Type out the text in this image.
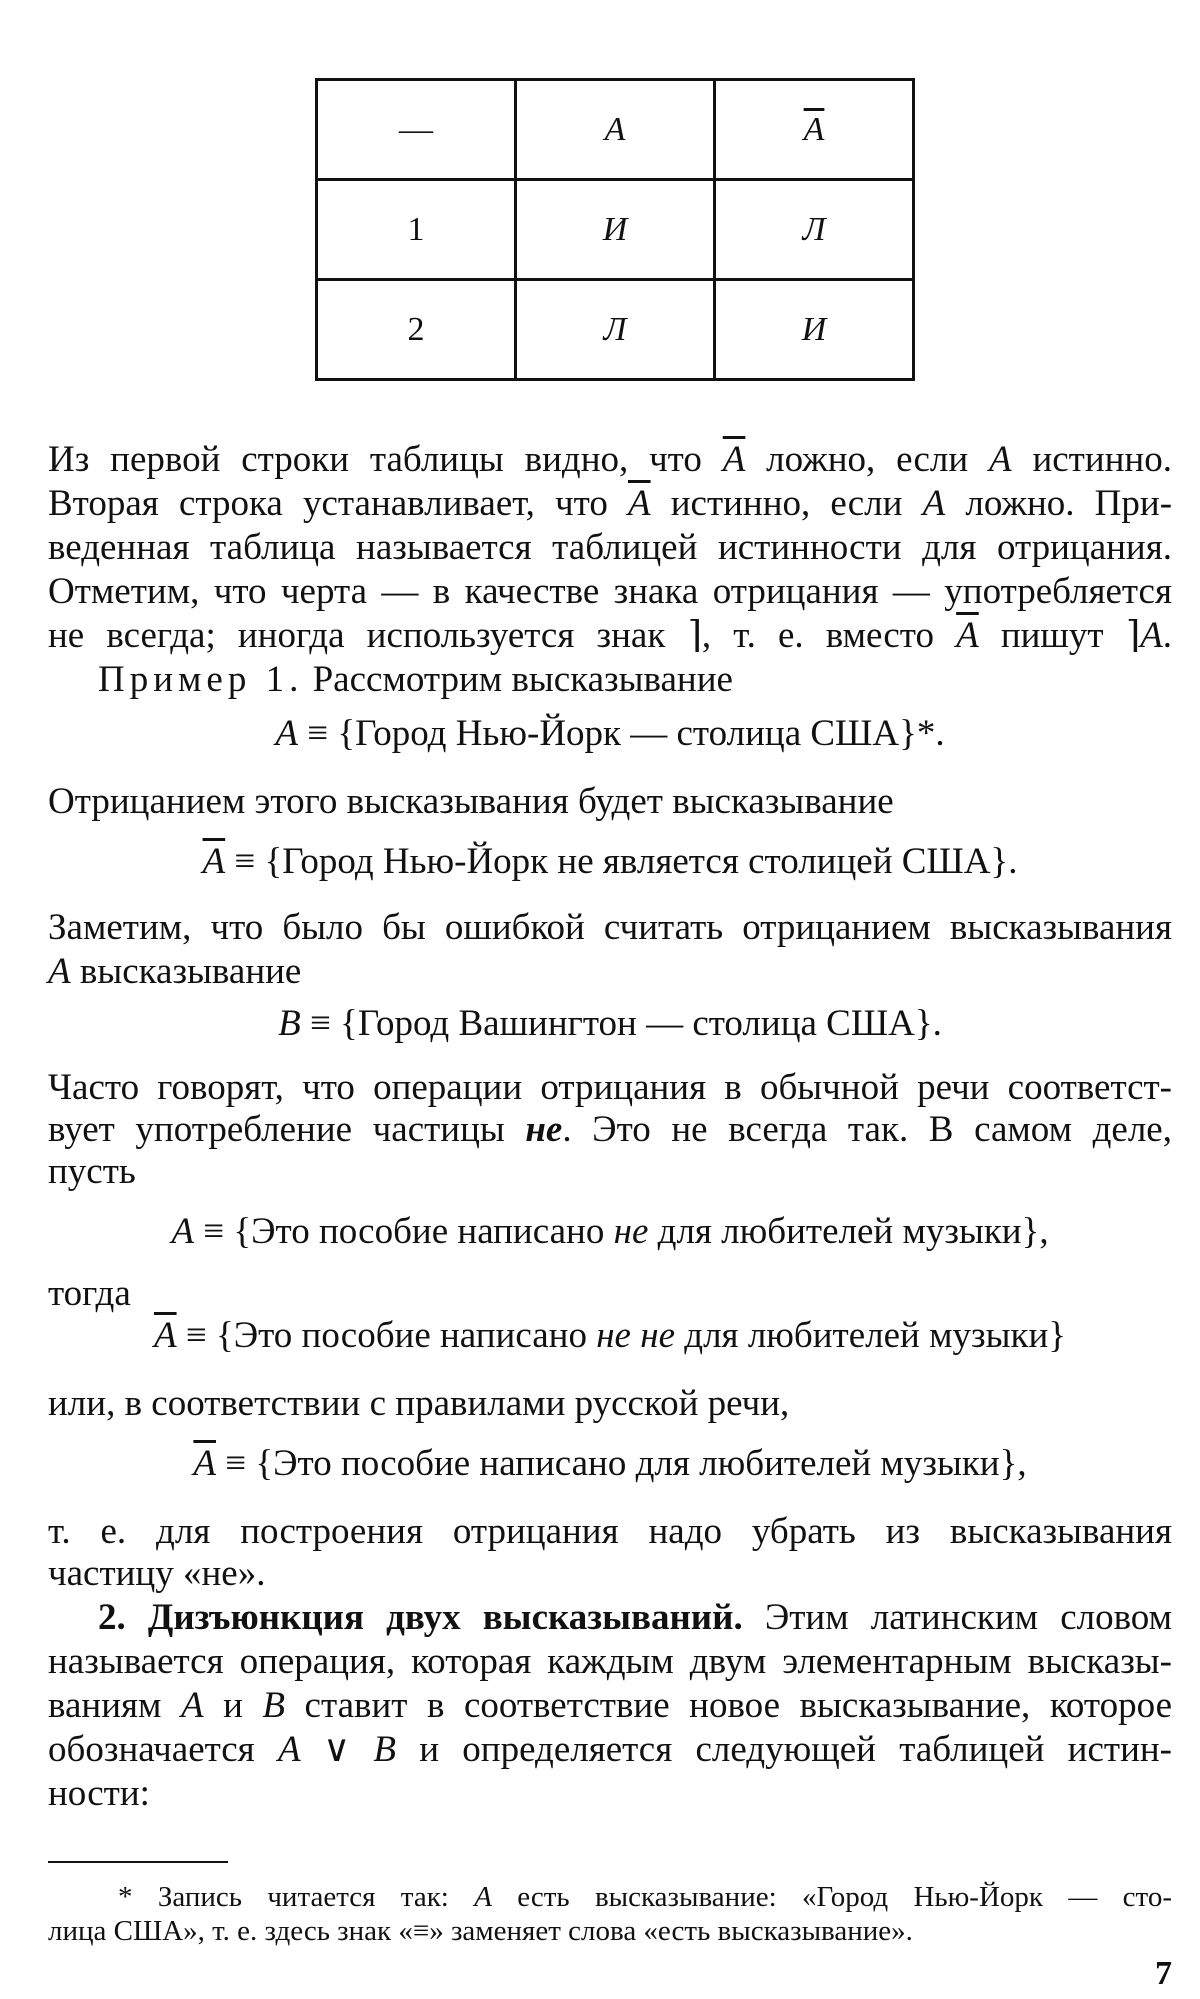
—	A	$\overline{A}$
1	И	Л
2	Л	И
Из первой строки таблицы видно, что $\overline{A}$ ложно, если A истинно.
Вторая строка устанавливает, что $\overline{A}$ истинно, если A ложно. При-
веденная таблица называется таблицей истинности для отрицания.
Отметим, что черта — в качестве знака отрицания — употребляется
не всегда; иногда используется знак ⌉, т. е. вместо $\overline{A}$ пишут ⌉A.
Пример 1. Рассмотрим высказывание
A ≡ {Город Нью-Йорк — столица США}*.
Отрицанием этого высказывания будет высказывание
$\overline{A}$ ≡ {Город Нью-Йорк не является столицей США}.
Заметим, что было бы ошибкой считать отрицанием высказывания
A высказывание
B ≡ {Город Вашингтон — столица США}.
Часто говорят, что операции отрицания в обычной речи соответст-
вует употребление частицы не. Это не всегда так. В самом деле,
пусть
A ≡ {Это пособие написано не для любителей музыки},
тогда
$\overline{A} \equiv \{Это$ пособие написано не не для любителей музыки}
или, в соответствии с правилами русской речи,
$\overline{A} \equiv \{Это$ пособие написано для любителей музыки},
т. е. для построения отрицания надо убрать из высказывания
частицу «не».
2. Дизъюнкция двух высказываний. Этим латинским словом
называется операция, которая каждым двум элементарным высказы-
ваниям A и B ставит в соответствие новое высказывание, которое
обозначается A ∨ B и определяется следующей таблицей истин-
ности:
* Запись читается так: A есть высказывание: «Город Нью-Йорк — сто-
лица США», т. е. здесь знак «≡» заменяет слова «есть высказывание».
7
